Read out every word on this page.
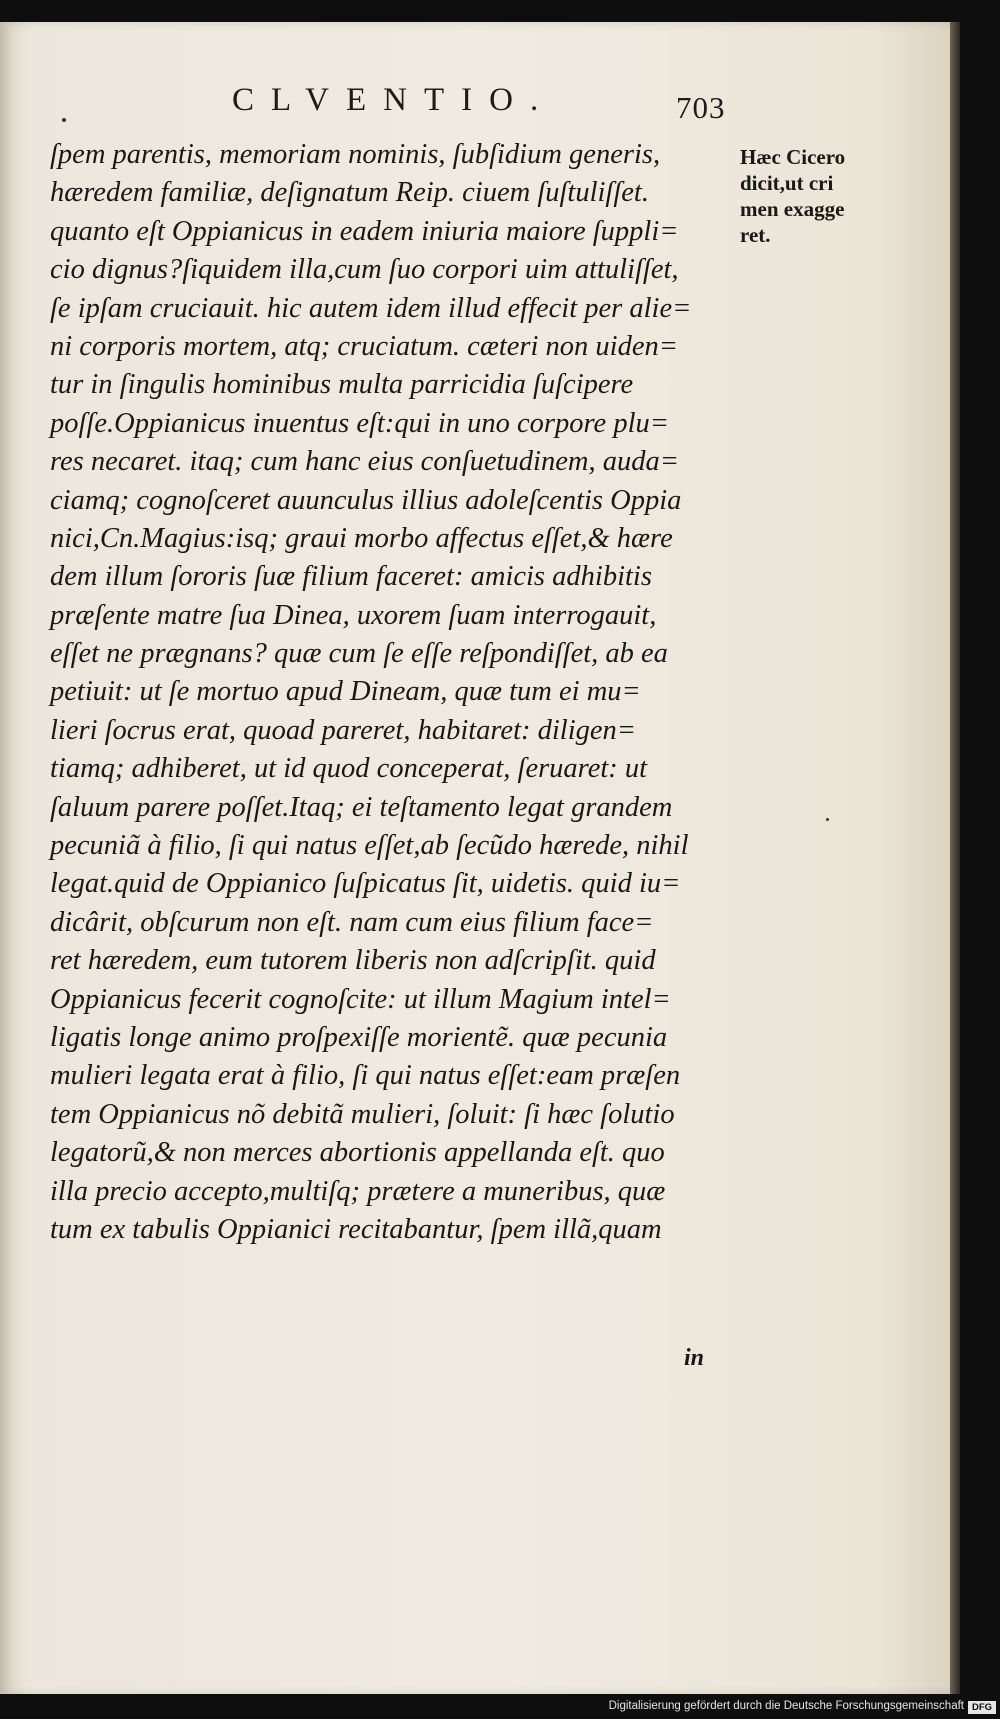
CLVENTIO.	703
ſpem parentis, memoriam nominis, ſubſidium generis,
hæredem familiæ, deſignatum Reip. ciuem ſuſtuliſſet.
quanto eſt Oppianicus in eadem iniuria maiore ſuppli=
cio dignus?ſiquidem illa,cum ſuo corpori uim attuliſſet,
ſe ipſam cruciauit. hic autem idem illud effecit per alie=
ni corporis mortem, atq; cruciatum. cæteri non uiden=
tur in ſingulis hominibus multa parricidia ſuſcipere
poſſe.Oppianicus inuentus eſt:qui in uno corpore plu=
res necaret. itaq; cum hanc eius conſuetudinem, auda=
ciamq; cognoſceret auunculus illius adoleſcentis Oppia
nici,Cn.Magius:isq; graui morbo affectus eſſet,& hære
dem illum ſororis ſuæ filium faceret: amicis adhibitis
præſente matre ſua Dinea, uxorem ſuam interrogauit,
eſſet ne prægnans? quæ cum ſe eſſe reſpondiſſet, ab ea
petiuit: ut ſe mortuo apud Dineam, quæ tum ei mu=
lieri ſocrus erat, quoad pareret, habitaret: diligen=
tiamq; adhiberet, ut id quod conceperat, ſeruaret: ut
ſaluum parere poſſet.Itaq; ei teſtamento legat grandem
pecuniã à filio, ſi qui natus eſſet,ab ſecũdo hærede, nihil
legat.quid de Oppianico ſuſpicatus ſit, uidetis. quid iu=
dicârit, obſcurum non eſt. nam cum eius filium face=
ret hæredem, eum tutorem liberis non adſcripſit. quid
Oppianicus fecerit cognoſcite: ut illum Magium intel=
ligatis longe animo proſpexiſſe morientẽ. quæ pecunia
mulieri legata erat à filio, ſi qui natus eſſet:eam præſen
tem Oppianicus nõ debitã mulieri, ſoluit: ſi hæc ſolutio
legatorũ,& non merces abortionis appellanda eſt. quo
illa precio accepto,multiſq; prætere a muneribus, quæ
tum ex tabulis Oppianici recitabantur, ſpem illã,quam
Hæc Cicero
dicit,ut cri
men exagge
ret.
in
Digitalisierung gefördert durch die Deutsche Forschungsgemeinschaft DFG
